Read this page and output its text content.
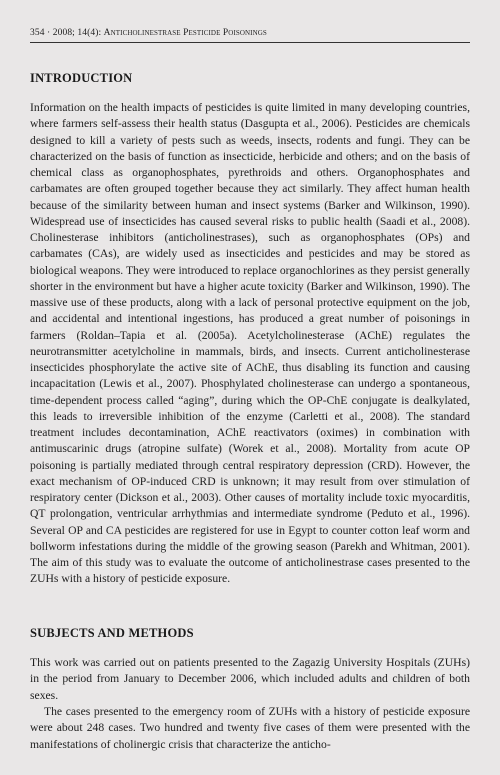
354 · 2008; 14(4): Anticholinestrase Pesticide Poisonings
INTRODUCTION

Information on the health impacts of pesticides is quite limited in many developing countries, where farmers self-assess their health status (Dasgupta et al., 2006). Pesticides are chemicals designed to kill a variety of pests such as weeds, insects, rodents and fungi. They can be characterized on the basis of function as insecticide, herbicide and others; and on the basis of chemical class as organophosphates, pyrethroids and others. Organophosphates and carbamates are often grouped together because they act similarly. They affect human health because of the similarity between human and insect systems (Barker and Wilkinson, 1990). Widespread use of insecticides has caused several risks to public health (Saadi et al., 2008). Cholinesterase inhibitors (anticholinestrases), such as organophosphates (OPs) and carbamates (CAs), are widely used as insecticides and pesticides and may be stored as biological weapons. They were introduced to replace organochlorines as they persist generally shorter in the environment but have a higher acute toxicity (Barker and Wilkinson, 1990). The massive use of these products, along with a lack of personal protective equipment on the job, and accidental and intentional ingestions, has produced a great number of poisonings in farmers (Roldan–Tapia et al. (2005a). Acetylcholinesterase (AChE) regulates the neurotransmitter acetylcholine in mammals, birds, and insects. Current anticholinesterase insecticides phosphorylate the active site of AChE, thus disabling its function and causing incapacitation (Lewis et al., 2007). Phosphylated cholinesterase can undergo a spontaneous, time-dependent process called “aging”, during which the OP-ChE conjugate is dealkylated, this leads to irreversible inhibition of the enzyme (Carletti et al., 2008). The standard treatment includes decontamination, AChE reactivators (oximes) in combination with antimuscarinic drugs (atropine sulfate) (Worek et al., 2008). Mortality from acute OP poisoning is partially mediated through central respiratory depression (CRD). However, the exact mechanism of OP-induced CRD is unknown; it may result from over stimulation of respiratory center (Dickson et al., 2003). Other causes of mortality include toxic myocarditis, QT prolongation, ventricular arrhythmias and intermediate syndrome (Peduto et al., 1996). Several OP and CA pesticides are registered for use in Egypt to counter cotton leaf worm and bollworm infestations during the middle of the growing season (Parekh and Whitman, 2001). The aim of this study was to evaluate the outcome of anticholinestrase cases presented to the ZUHs with a history of pesticide exposure.

SUBJECTS AND METHODS

This work was carried out on patients presented to the Zagazig University Hospitals (ZUHs) in the period from January to December 2006, which included adults and children of both sexes.

The cases presented to the emergency room of ZUHs with a history of pesticide exposure were about 248 cases. Two hundred and twenty five cases of them were presented with the manifestations of cholinergic crisis that characterize the anticho-
